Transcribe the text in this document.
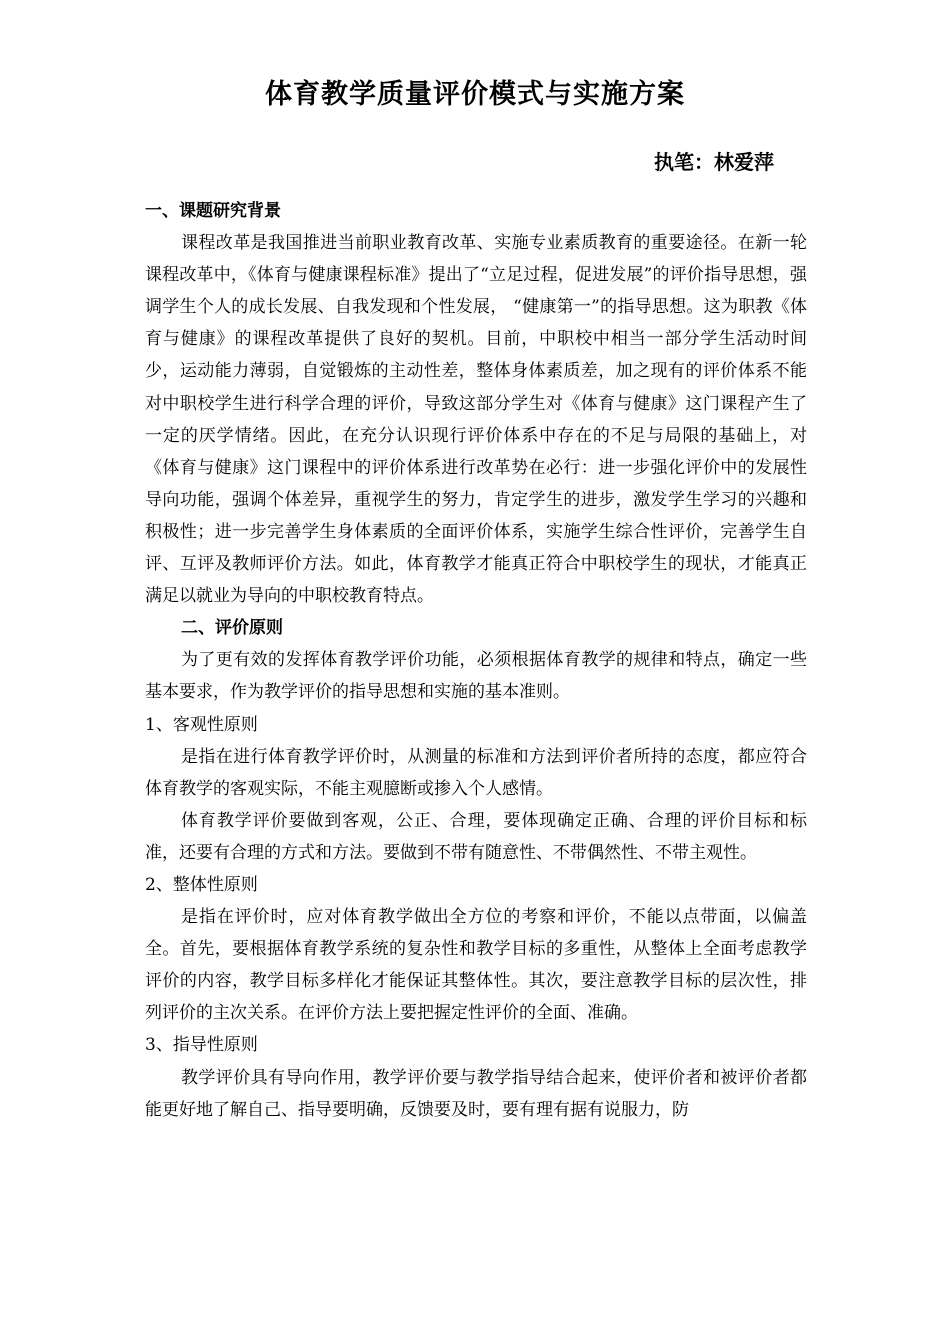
体育教学质量评价模式与实施方案

执笔：林爱萍

一、课题研究背景

课程改革是我国推进当前职业教育改革、实施专业素质教育的重要途径。在新一轮课程改革中，《体育与健康课程标准》提出了“立足过程，促进发展”的评价指导思想，强调学生个人的成长发展、自我发现和个性发展， “健康第一”的指导思想。这为职教《体育与健康》的课程改革提供了良好的契机。目前，中职校中相当一部分学生活动时间少，运动能力薄弱，自觉锻炼的主动性差，整体身体素质差，加之现有的评价体系不能对中职校学生进行科学合理的评价，导致这部分学生对《体育与健康》这门课程产生了一定的厌学情绪。因此，在充分认识现行评价体系中存在的不足与局限的基础上，对《体育与健康》这门课程中的评价体系进行改革势在必行：进一步强化评价中的发展性导向功能，强调个体差异，重视学生的努力，肯定学生的进步，激发学生学习的兴趣和积极性；进一步完善学生身体素质的全面评价体系，实施学生综合性评价，完善学生自评、互评及教师评价方法。如此，体育教学才能真正符合中职校学生的现状，才能真正满足以就业为导向的中职校教育特点。

二、评价原则

为了更有效的发挥体育教学评价功能，必须根据体育教学的规律和特点，确定一些基本要求，作为教学评价的指导思想和实施的基本准则。

1、客观性原则

是指在进行体育教学评价时，从测量的标准和方法到评价者所持的态度，都应符合体育教学的客观实际，不能主观臆断或掺入个人感情。

体育教学评价要做到客观，公正、合理，要体现确定正确、合理的评价目标和标准，还要有合理的方式和方法。要做到不带有随意性、不带偶然性、不带主观性。

2、整体性原则

是指在评价时，应对体育教学做出全方位的考察和评价，不能以点带面，以偏盖全。首先，要根据体育教学系统的复杂性和教学目标的多重性，从整体上全面考虑教学评价的内容，教学目标多样化才能保证其整体性。其次，要注意教学目标的层次性，排列评价的主次关系。在评价方法上要把握定性评价的全面、准确。

3、指导性原则

教学评价具有导向作用，教学评价要与教学指导结合起来，使评价者和被评价者都能更好地了解自己、指导要明确，反馈要及时，要有理有据有说服力，防
